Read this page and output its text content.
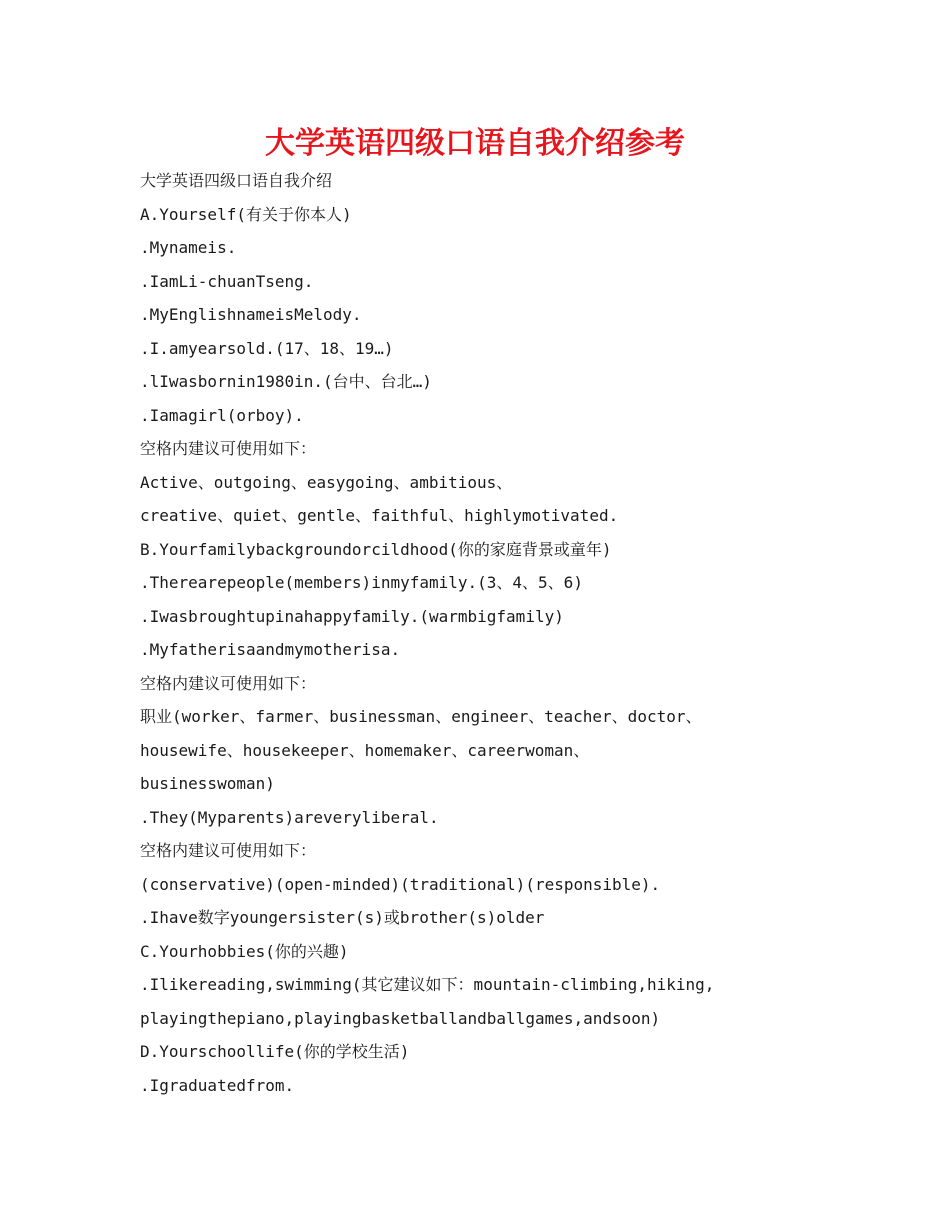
大学英语四级口语自我介绍参考
大学英语四级口语自我介绍
A.Yourself(有关于你本人)
.Mynameis.
.IamLi-chuanTseng.
.MyEnglishnameisMelody.
.I.amyearsold.(17、18、19…)
.lIwasbornin1980in.(台中、台北…)
.Iamagirl(orboy).
空格内建议可使用如下：
Active、outgoing、easygoing、ambitious、
creative、quiet、gentle、faithful、highlymotivated.
B.Yourfamilybackgroundorcildhood(你的家庭背景或童年)
.Therearepeople(members)inmyfamily.(3、4、5、6)
.Iwasbroughtupinahappyfamily.(warmbigfamily)
.Myfatherisaandmymotherisa.
空格内建议可使用如下：
职业(worker、farmer、businessman、engineer、teacher、doctor、
housewife、housekeeper、homemaker、careerwoman、
businesswoman)
.They(Myparents)areveryliberal.
空格内建议可使用如下：
(conservative)(open-minded)(traditional)(responsible).
.Ihave数字youngersister(s)或brother(s)older
C.Yourhobbies(你的兴趣)
.Ilikereading,swimming(其它建议如下：mountain-climbing,hiking,
playingthepiano,playingbasketballandballgames,andsoon)
D.Yourschoollife(你的学校生活)
.Igraduatedfrom.
